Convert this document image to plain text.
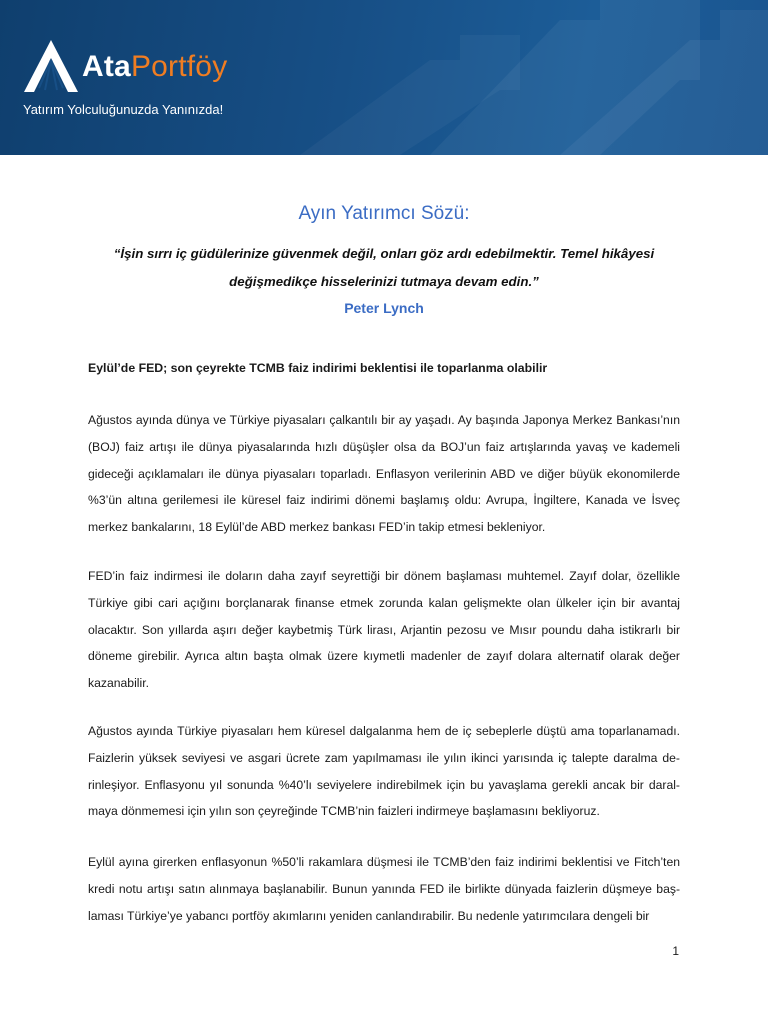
AtaPortföy
Yatırım Yolculuğunuzda Yanınızda!
Ayın Yatırımcı Sözü:
“İşin sırrı iç güdülerinize güvenmek değil, onları göz ardı edebilmektir. Temel hikâyesi değişmedikçe hisselerinizi tutmaya devam edin.”
Peter Lynch
Eylül’de FED; son çeyrekte TCMB faiz indirimi beklentisi ile toparlanma olabilir

Ağustos ayında dünya ve Türkiye piyasaları çalkantılı bir ay yaşadı. Ay başında Japonya Merkez Bankası’nın (BOJ) faiz artışı ile dünya piyasalarında hızlı düşüşler olsa da BOJ’un faiz artışlarında yavaş ve kademeli gideceği açıklamaları ile dünya piyasaları toparladı. Enflasyon verilerinin ABD ve diğer büyük ekonomilerde %3’ün altına gerilemesi ile küresel faiz indirimi dönemi başlamış oldu: Avrupa, İngiltere, Kanada ve İsveç merkez bankalarını, 18 Eylül’de ABD merkez bankası FED’in takip etmesi bekleniyor.

FED’in faiz indirmesi ile doların daha zayıf seyrettiği bir dönem başlaması muhtemel. Zayıf dolar, özellikle Türkiye gibi cari açığını borçlanarak finanse etmek zorunda kalan gelişmekte olan ülkeler için bir avantaj olacaktır. Son yıllarda aşırı değer kaybetmiş Türk lirası, Arjantin pezosu ve Mısır poundu daha istikrarlı bir döneme girebilir. Ayrıca altın başta olmak üzere kıymetli madenler de zayıf dolara alternatif olarak değer kazanabilir.

Ağustos ayında Türkiye piyasaları hem küresel dalgalanma hem de iç sebeplerle düştü ama toparlanamadı. Faizlerin yüksek seviyesi ve asgari ücrete zam yapılmaması ile yılın ikinci yarısında iç talepte daralma de-rinleşiyor. Enflasyonu yıl sonunda %40’lı seviyelere indirebilmek için bu yavaşlama gerekli ancak bir daral-maya dönmemesi için yılın son çeyreğinde TCMB’nin faizleri indirmeye başlamasını bekliyoruz.

Eylül ayına girerken enflasyonun %50’li rakamlara düşmesi ile TCMB’den faiz indirimi beklentisi ve Fitch’ten kredi notu artışı satın alınmaya başlanabilir. Bunun yanında FED ile birlikte dünyada faizlerin düşmeye baş-laması Türkiye’ye yabancı portföy akımlarını yeniden canlandırabilir. Bu nedenle yatırımcılara dengeli bir

1
